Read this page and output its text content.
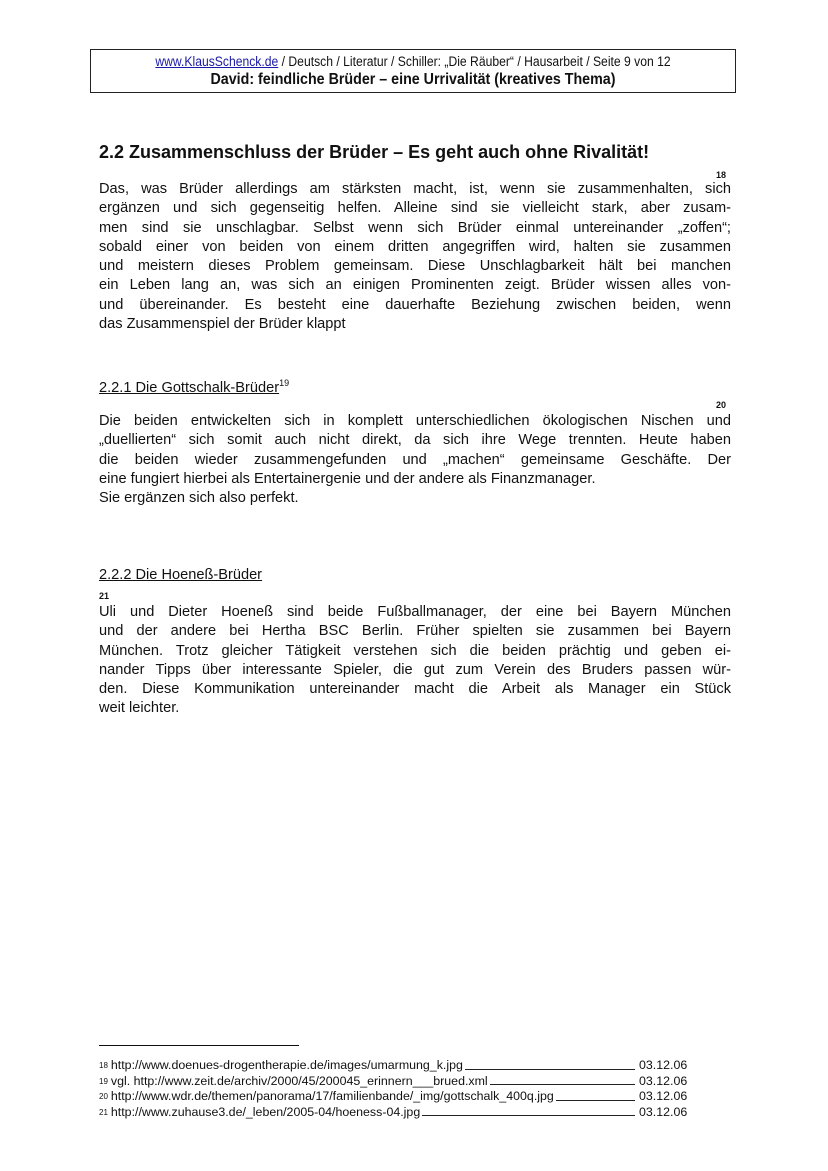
www.KlausSchenck.de / Deutsch / Literatur / Schiller: „Die Räuber“ / Hausarbeit / Seite 9 von 12
David: feindliche Brüder – eine Urrivalität (kreatives Thema)
2.2 Zusammenschluss der Brüder – Es geht auch ohne Rivalität!
18
Das, was Brüder allerdings am stärksten macht, ist, wenn sie zusammenhalten, sich
ergänzen und sich gegenseitig helfen. Alleine sind sie vielleicht stark, aber zusam-
men sind sie unschlagbar. Selbst wenn sich Brüder einmal untereinander „zoffen“;
sobald einer von beiden von einem dritten angegriffen wird, halten sie zusammen
und meistern dieses Problem gemeinsam. Diese Unschlagbarkeit hält bei manchen
ein Leben lang an, was sich an einigen Prominenten zeigt. Brüder wissen alles von-
und übereinander. Es besteht eine dauerhafte Beziehung zwischen beiden, wenn
das Zusammenspiel der Brüder klappt
2.2.1 Die Gottschalk-Brüder$^{19}$
20
Die beiden entwickelten sich in komplett unterschiedlichen ökologischen Nischen und
„duellierten“ sich somit auch nicht direkt, da sich ihre Wege trennten. Heute haben
die beiden wieder zusammengefunden und „machen“ gemeinsame Geschäfte. Der
eine fungiert hierbei als Entertainergenie und der andere als Finanzmanager.
Sie ergänzen sich also perfekt.
2.2.2 Die Hoeneß-Brüder
21
Uli und Dieter Hoeneß sind beide Fußballmanager, der eine bei Bayern München
und der andere bei Hertha BSC Berlin. Früher spielten sie zusammen bei Bayern
München. Trotz gleicher Tätigkeit verstehen sich die beiden prächtig und geben ei-
nander Tipps über interessante Spieler, die gut zum Verein des Bruders passen wür-
den. Diese Kommunikation untereinander macht die Arbeit als Manager ein Stück
weit leichter.
18 http://www.doenues-drogentherapie.de/images/umarmung_k.jpg	03.12.06
19 vgl. http://www.zeit.de/archiv/2000/45/200045_erinnern___brued.xml	03.12.06
20 http://www.wdr.de/themen/panorama/17/familienbande/_img/gottschalk_400q.jpg	03.12.06
21 http://www.zuhause3.de/_leben/2005-04/hoeness-04.jpg	03.12.06
